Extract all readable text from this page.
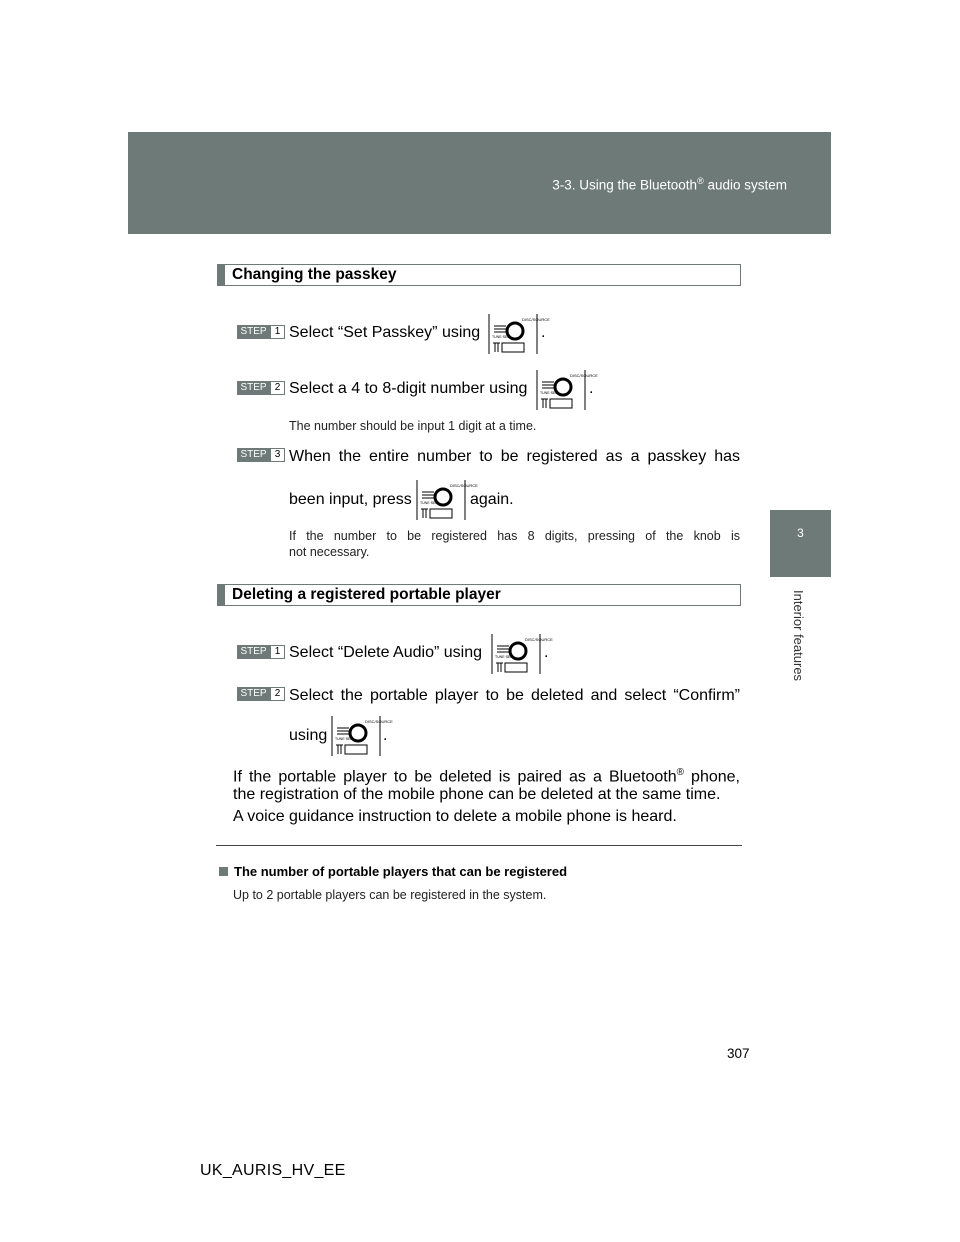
3-3. Using the Bluetooth® audio system
3
Interior features
Changing the passkey
STEP 1 Select “Set Passkey” using
DISC/SOURCE
TUNE·SEL .
STEP 2 Select a 4 to 8-digit number using
DISC/SOURCE
TUNE·SEL .
The number should be input 1 digit at a time.
STEP 3 When the entire number to be registered as a passkey has
been input, press
DISC/SOURCE
TUNE·SEL again.
If the number to be registered has 8 digits, pressing of the knob is
not necessary.
Deleting a registered portable player
STEP 1 Select “Delete Audio” using
DISC/SOURCE
TUNE·SEL .
STEP 2 Select the portable player to be deleted and select “Confirm”
using
DISC/SOURCE
TUNE·SEL .
If the portable player to be deleted is paired as a Bluetooth® phone,
the registration of the mobile phone can be deleted at the same time.
A voice guidance instruction to delete a mobile phone is heard.
The number of portable players that can be registered
Up to 2 portable players can be registered in the system.
307
UK_AURIS_HV_EE
